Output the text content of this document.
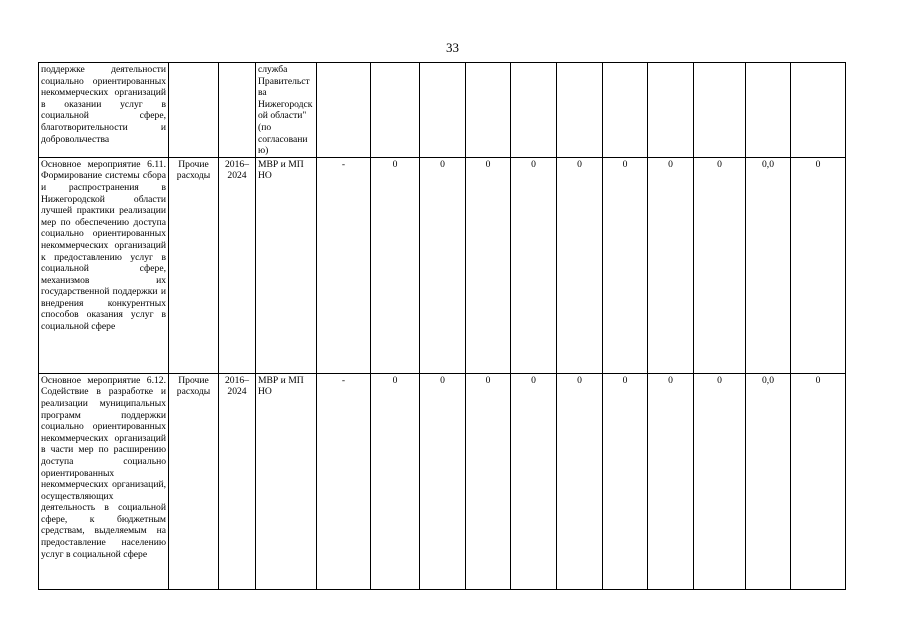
33
поддержке деятельности социально ориентированных некоммерческих организаций в оказании услуг в социальной сфере, благотворительности и добровольчества			служба Правительства Нижегородской области" (по согласованию)											
Основное мероприятие 6.11. Формирование системы сбора и распространения в Нижегородской области лучшей практики реализации мер по обеспечению доступа социально ориентированных некоммерческих организаций к предоставлению услуг в социальной сфере, механизмов их государственной поддержки и внедрения конкурентных способов оказания услуг в социальной сфере	Прочие расходы	2016–2024	МВР и МП НО	-	0	0	0	0	0	0	0	0	0,0	0
Основное мероприятие 6.12. Содействие в разработке и реализации муниципальных программ поддержки социально ориентированных некоммерческих организаций в части мер по расширению доступа социально ориентированных некоммерческих организаций, осуществляющих деятельность в социальной сфере, к бюджетным средствам, выделяемым на предоставление населению услуг в социальной сфере	Прочие расходы	2016–2024	МВР и МП НО	-	0	0	0	0	0	0	0	0	0,0	0
